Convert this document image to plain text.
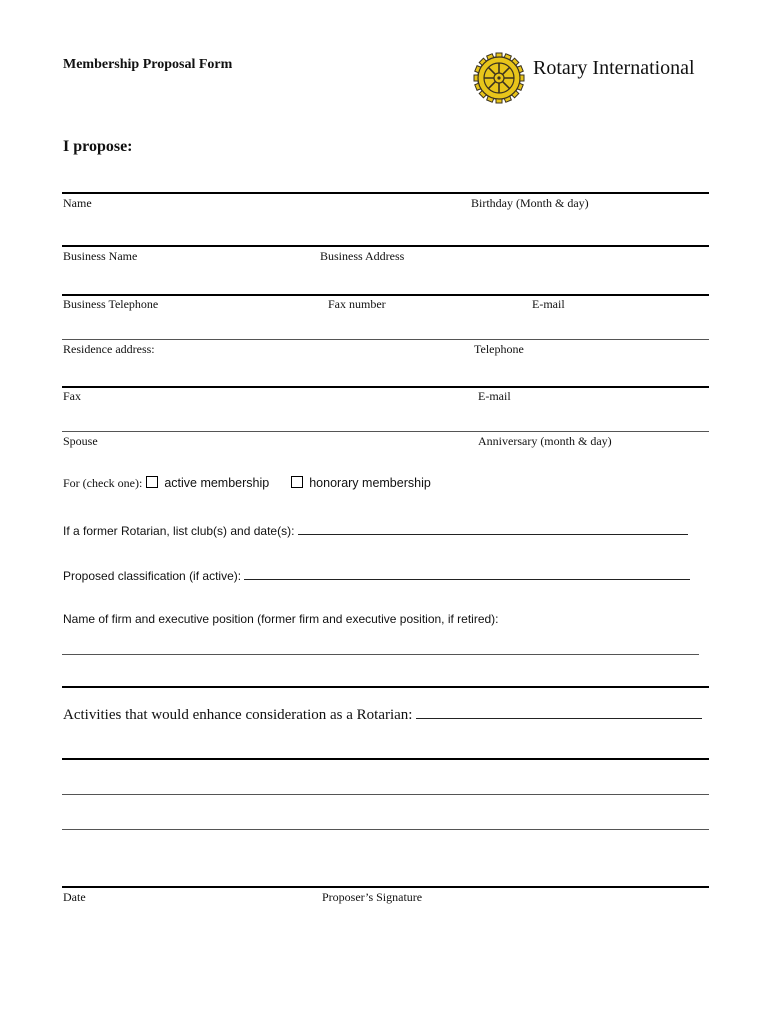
Membership Proposal Form	Rotary International
I propose:
Name	Birthday (Month & day)
Business Name	Business Address
Business Telephone	Fax number	E-mail
Residence address:	Telephone
Fax	E-mail
Spouse	Anniversary (month & day)
For (check one): active membership	honorary membership
If a former Rotarian, list club(s) and date(s):
Proposed classification (if active):
Name of firm and executive position (former firm and executive position, if retired):
Activities that would enhance consideration as a Rotarian:
Date	Proposer’s Signature
